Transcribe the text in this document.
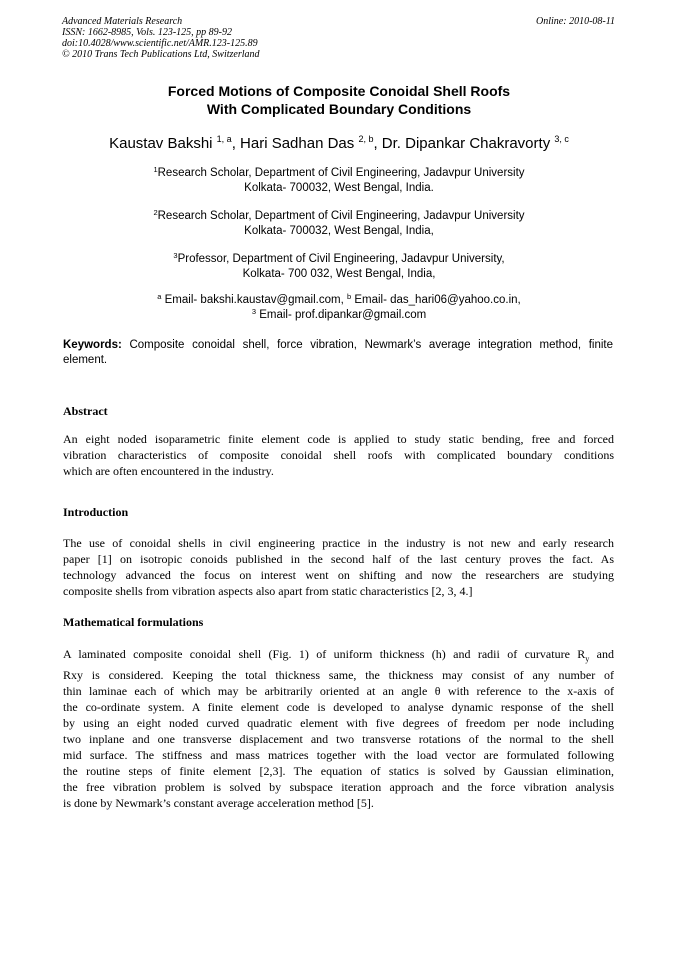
Advanced Materials Research
ISSN: 1662-8985, Vols. 123-125, pp 89-92
doi:10.4028/www.scientific.net/AMR.123-125.89
© 2010 Trans Tech Publications Ltd, Switzerland
Online: 2010-08-11
Forced Motions of Composite Conoidal Shell Roofs
With Complicated Boundary Conditions
Kaustav Bakshi $^{1, a}$, Hari Sadhan Das $^{2, b}$, Dr. Dipankar Chakravorty $^{3, c}$
$^1$Research Scholar, Department of Civil Engineering, Jadavpur University
Kolkata- 700032, West Bengal, India.
$^2$Research Scholar, Department of Civil Engineering, Jadavpur University
Kolkata- 700032, West Bengal, India,
$^3$Professor, Department of Civil Engineering, Jadavpur University,
Kolkata- 700 032, West Bengal, India,
$^a$ Email- bakshi.kaustav@gmail.com, $^b$ Email- das_hari06@yahoo.co.in,
$^3$ Email- prof.dipankar@gmail.com
Keywords: Composite conoidal shell, force vibration, Newmark’s average integration method, finite element.
Abstract
An eight noded isoparametric finite element code is applied to study static bending, free and forced
vibration characteristics of composite conoidal shell roofs with complicated boundary conditions
which are often encountered in the industry.
Introduction
The use of conoidal shells in civil engineering practice in the industry is not new and early research
paper [1] on isotropic conoids published in the second half of the last century proves the fact. As
technology advanced the focus on interest went on shifting and now the researchers are studying
composite shells from vibration aspects also apart from static characteristics [2, 3, 4.]
Mathematical formulations
A laminated composite conoidal shell (Fig. 1) of uniform thickness (h) and radii of curvature $R_y$ and
Rxy is considered. Keeping the total thickness same, the thickness may consist of any number of
thin laminae each of which may be arbitrarily oriented at an angle θ with reference to the x-axis of
the co-ordinate system. A finite element code is developed to analyse dynamic response of the shell
by using an eight noded curved quadratic element with five degrees of freedom per node including
two inplane and one transverse displacement and two transverse rotations of the normal to the shell
mid surface. The stiffness and mass matrices together with the load vector are formulated following
the routine steps of finite element [2,3]. The equation of statics is solved by Gaussian elimination,
the free vibration problem is solved by subspace iteration approach and the force vibration analysis
is done by Newmark’s constant average acceleration method [5].
